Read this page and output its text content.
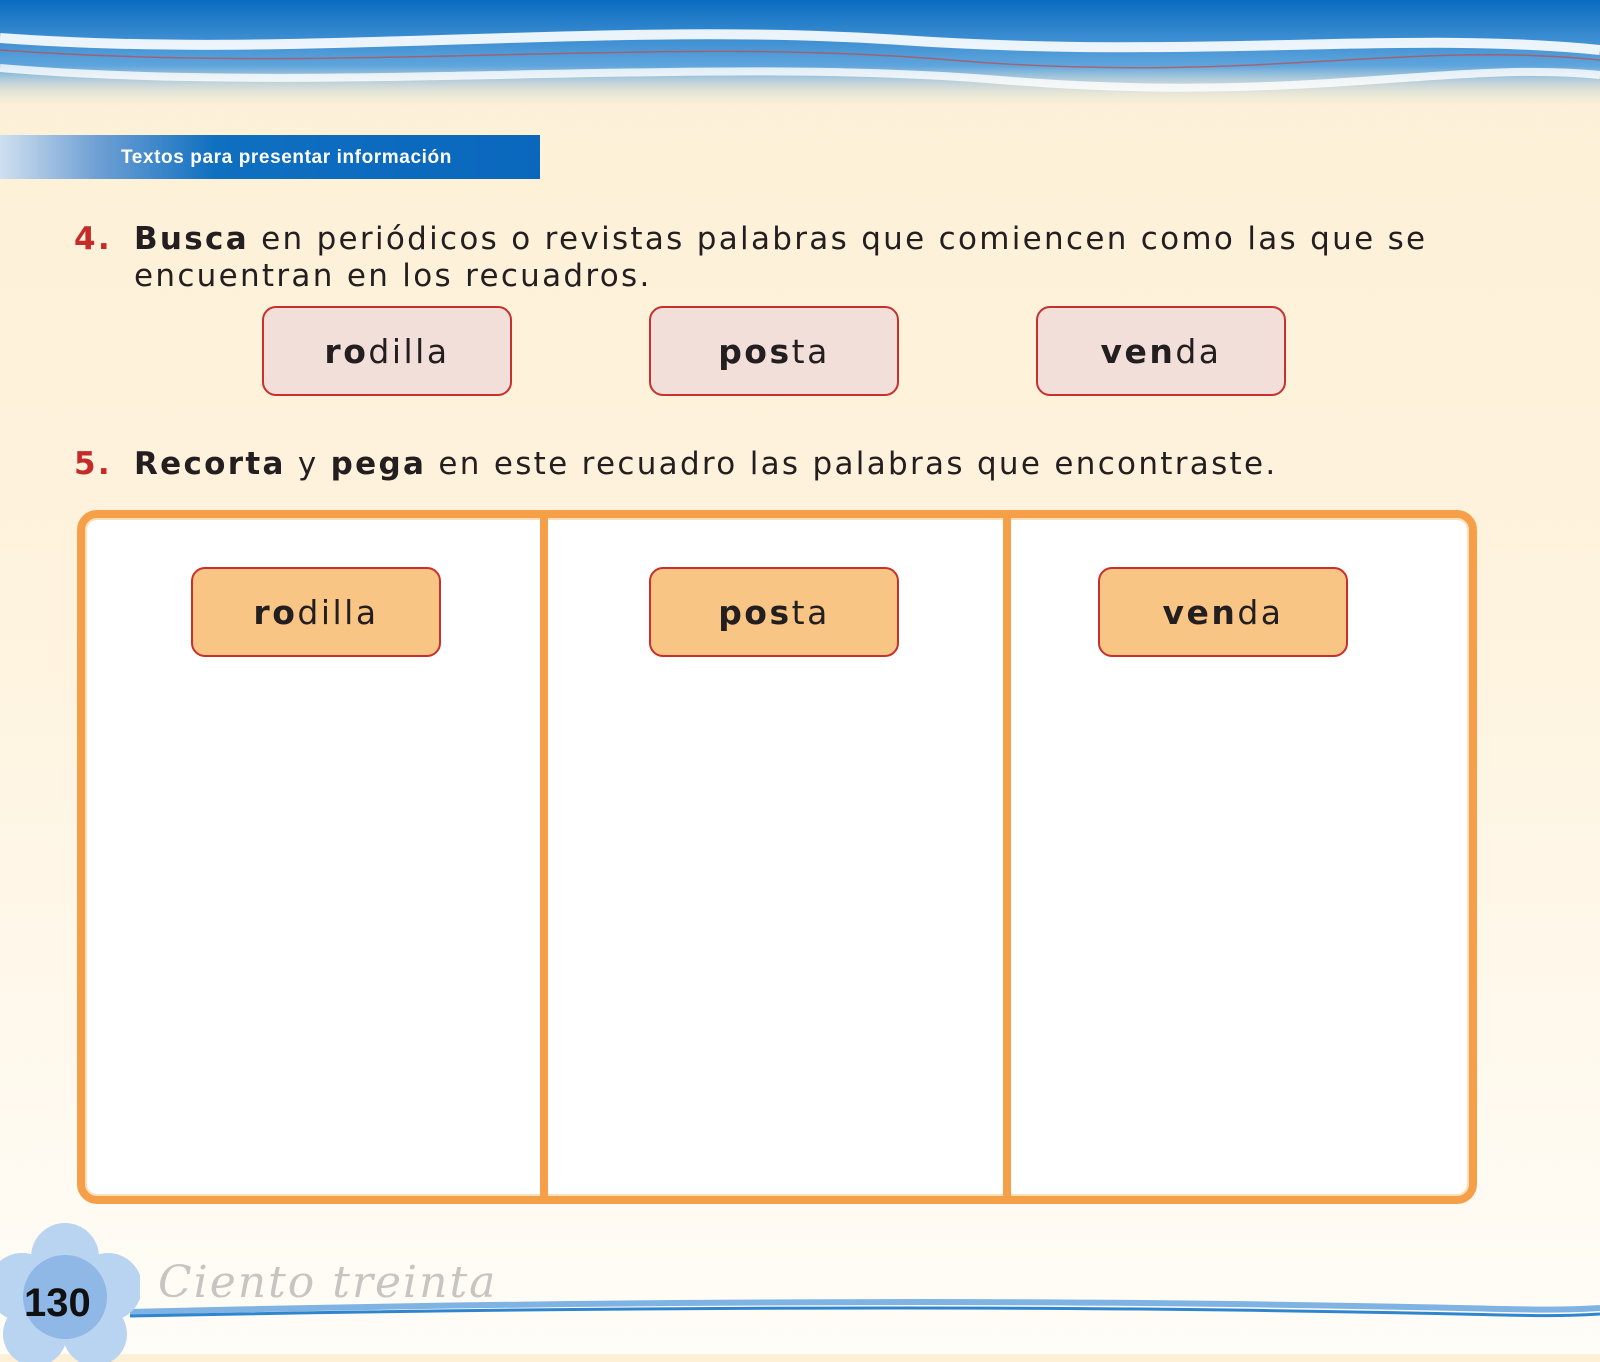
Textos para presentar información
4. Busca en periódicos o revistas palabras que comiencen como las que se encuentran en los recuadros.
ro dilla	pos ta	ven da
5. Recorta y pega en este recuadro las palabras que encontraste.
ro dilla	pos ta	ven da
130 Ciento treinta
